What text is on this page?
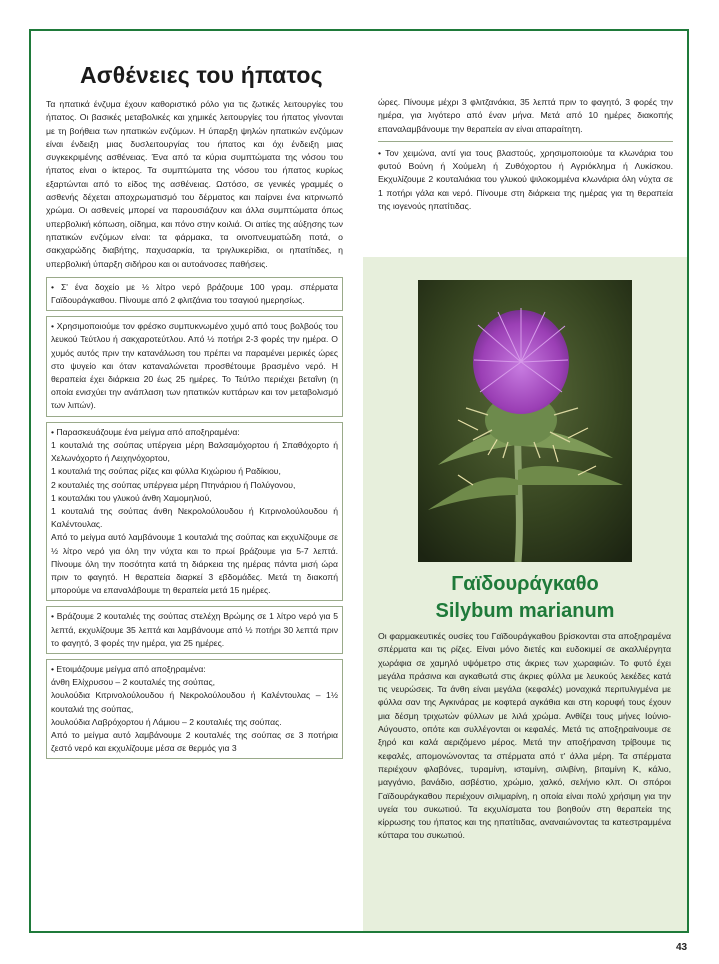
Ασθένειες του ήπατος

Τα ηπατικά ένζυμα έχουν καθοριστικό ρόλο για τις ζωτικές λειτουργίες του ήπατος. Οι βασικές μεταβολικές και χημικές λειτουργίες του ήπατος γίνονται με τη βοήθεια των ηπατικών ενζύμων. Η ύπαρξη ψηλών ηπατικών ενζύμων είναι ένδειξη μιας δυσλειτουργίας του ήπατος και όχι ένδειξη μιας συγκεκριμένης ασθένειας. Ένα από τα κύρια συμπτώματα της νόσου του ήπατος είναι ο ίκτερος. Τα συμπτώματα της νόσου του ήπατος κυρίως εξαρτώνται από το είδος της ασθένειας. Ωστόσο, σε γενικές γραμμές ο ασθενής δέχεται αποχρωματισμό του δέρματος και παίρνει ένα κιτρινωπό χρώμα. Οι ασθενείς μπορεί να παρουσιάζουν και άλλα συμπτώματα όπως υπερβολική κόπωση, οίδημα, και πόνο στην κοιλιά. Οι αιτίες της αύξησης των ηπατικών ενζύμων είναι: τα φάρμακα, τα οινοπνευματώδη ποτά, ο σακχαρώδης διαβήτης, παχυσαρκία, τα τριγλυκερίδια, οι ηπατίτιδες, η υπερβολική ύπαρξη σιδήρου και οι αυτοάνοσες παθήσεις.

• Σ' ένα δοχείο με ½ λίτρο νερό βράζουμε 100 γραμ. σπέρματα Γαϊδουράγκαθου. Πίνουμε από 2 φλιτζάνια του τσαγιού ημερησίως.

• Χρησιμοποιούμε τον φρέσκο συμπυκνωμένο χυμό από τους βολβούς του λευκού Τεύτλου ή σακχαροτεύτλου. Από ½ ποτήρι 2-3 φορές την ημέρα. Ο χυμός αυτός πριν την κατανάλωση του πρέπει να παραμένει μερικές ώρες στο ψυγείο και όταν καταναλώνεται προσθέτουμε βρασμένο νερό. Η θεραπεία έχει διάρκεια 20 έως 25 ημέρες. Το Τεύτλο περιέχει βεταΐνη (η οποία ενισχύει την ανάπλαση των ηπατικών κυττάρων και τον μεταβολισμό των λιπών).

• Παρασκευάζουμε ένα μείγμα από αποξηραμένα:
1 κουταλιά της σούπας υπέργεια μέρη Βαλσαμόχορτου ή Σπαθόχορτο ή Χελωνόχορτο ή Λειχηνόχορτου,
1 κουταλιά της σούπας ρίζες και φύλλα Κιχώριου ή Ραδίκιου,
2 κουταλιές της σούπας υπέργεια μέρη Πτηνάριου ή Πολύγονου,
1 κουταλάκι του γλυκού άνθη Χαμομηλιού,
1 κουταλιά της σούπας άνθη Νεκρολούλουδου ή Κιτρινολούλουδου ή Καλέντουλας.
Από το μείγμα αυτό λαμβάνουμε 1 κουταλιά της σούπας και εκχυλίζουμε σε ½ λίτρο νερό για όλη την νύχτα και το πρωί βράζουμε για 5-7 λεπτά. Πίνουμε όλη την ποσότητα κατά τη διάρκεια της ημέρας πάντα μισή ώρα πριν το φαγητό. Η θεραπεία διαρκεί 3 εβδομάδες. Μετά τη διακοπή μπορούμε να επαναλάβουμε τη θεραπεία μετά 15 ημέρες.

• Βράζουμε 2 κουταλιές της σούπας στελέχη Βρώμης σε 1 λίτρο νερό για 5 λεπτά, εκχυλίζουμε 35 λεπτά και λαμβάνουμε από ½ ποτήρι 30 λεπτά πριν το φαγητό, 3 φορές την ημέρα, για 25 ημέρες.

• Ετοιμάζουμε μείγμα από αποξηραμένα:
άνθη Ελίχρυσου – 2 κουταλιές της σούπας,
λουλούδια Κιτρινολούλουδου ή Νεκρολούλουδου ή Καλέντουλας – 1½ κουταλιά της σούπας,
λουλούδια Λαβρόχορτου ή Λάμιου – 2 κουταλιές της σούπας.
Από το μείγμα αυτό λαμβάνουμε 2 κουταλιές της σούπας σε 3 ποτήρια ζεστό νερό και εκχυλίζουμε μέσα σε θερμός για 3

ώρες. Πίνουμε μέχρι 3 φλιτζανάκια, 35 λεπτά πριν το φαγητό, 3 φορές την ημέρα, για λιγότερο από έναν μήνα. Μετά από 10 ημέρες διακοπής επαναλαμβάνουμε την θεραπεία αν είναι απαραίτητη.

• Τον χειμώνα, αντί για τους βλαστούς, χρησιμοποιούμε τα κλωνάρια του φυτού Βούνη ή Χούμελη ή Ζυθόχορτου ή Αγριόκλημα ή Λυκίσκου. Εκχυλίζουμε 2 κουταλιάκια του γλυκού ψιλοκομμένα κλωνάρια όλη νύχτα σε 1 ποτήρι γάλα και νερό. Πίνουμε στη διάρκεια της ημέρας για τη θεραπεία της ιογενούς ηπατίτιδας.

Γαϊδουράγκαθο
Silybum marianum

Οι φαρμακευτικές ουσίες του Γαϊδουράγκαθου βρίσκονται στα αποξηραμένα σπέρματα και τις ρίζες. Είναι μόνο διετές και ευδοκιμεί σε ακαλλιέργητα χωράφια σε χαμηλό υψόμετρο στις άκριες των χωραφιών. Το φυτό έχει μεγάλα πράσινα και αγκαθωτά στις άκριες φύλλα με λευκούς λεκέδες κατά τις νευρώσεις. Τα άνθη είναι μεγάλα (κεφαλές) μοναχικά περιτυλιγμένα με φύλλα σαν της Αγκινάρας με κοφτερά αγκάθια και στη κορυφή τους έχουν μια δέσμη τριχωτών φύλλων με λιλά χρώμα. Ανθίζει τους μήνες Ιούνιο-Αύγουστο, οπότε και συλλέγονται οι κεφαλές. Μετά τις αποξηραίνουμε σε ξηρό και καλά αεριζόμενο μέρος. Μετά την αποξήρανση τρίβουμε τις κεφαλές, απομονώνοντας τα σπέρματα από τ' άλλα μέρη. Τα σπέρματα περιέχουν φλαβόνες, τυραμίνη, ισταμίνη, σιλιβίνη, βιταμίνη Κ, κάλιο, μαγγάνιο, βανάδιο, ασβέστιο, χρώμιο, χαλκό, σελήνιο κλπ. Οι σπόροι Γαϊδουράγκαθου περιέχουν σιλιμαρίνη, η οποία είναι πολύ χρήσιμη για την υγεία του συκωτιού. Τα εκχυλίσματα του βοηθούν στη θεραπεία της κίρρωσης του ήπατος και της ηπατίτιδας, αναναιώνοντας τα κατεστραμμένα κύτταρα του συκωτιού.

43
